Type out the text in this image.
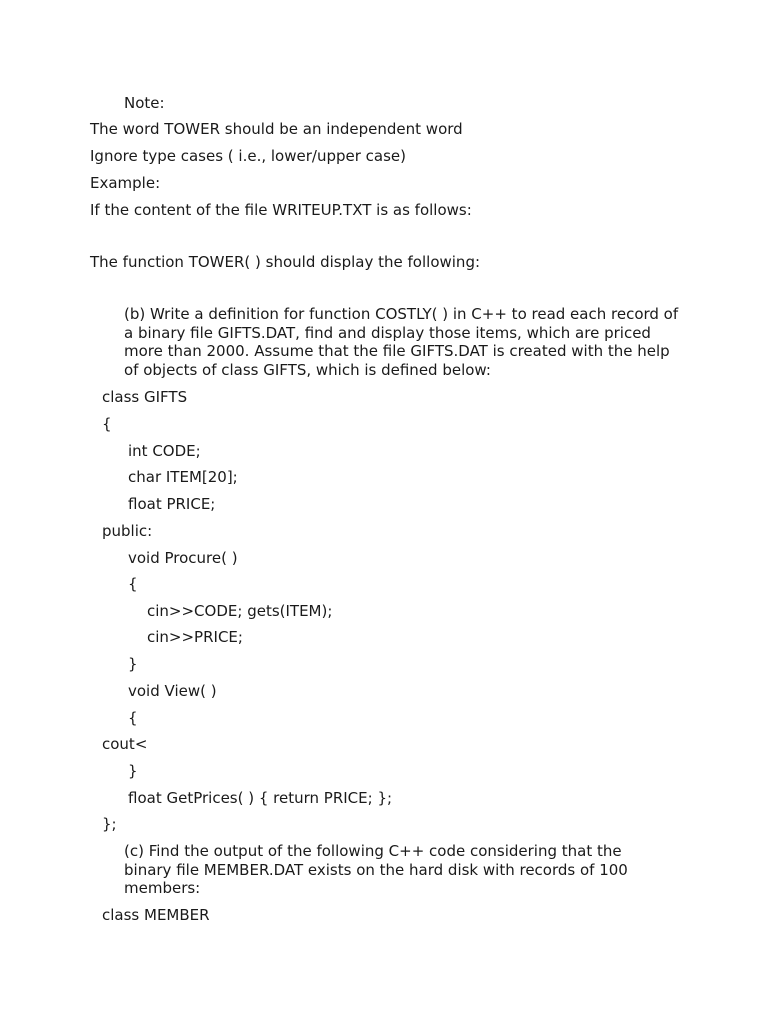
Note:
The word TOWER should be an independent word
Ignore type cases ( i.e., lower/upper case)
Example:
If the content of the file WRITEUP.TXT is as follows:
The function TOWER( ) should display the following:
(b) Write a definition for function COSTLY( ) in C++ to read each record of a binary file GIFTS.DAT, find and display those items, which are priced more than 2000. Assume that the file GIFTS.DAT is created with the help of objects of class GIFTS, which is defined below:
class GIFTS
{
int CODE;
char ITEM[20];
float PRICE;
public:
void Procure( )
{
cin>>CODE; gets(ITEM);
cin>>PRICE;
}
void View( )
{
cout<
}
float GetPrices( ) { return PRICE; };
};
(c) Find the output of the following C++ code considering that the binary file MEMBER.DAT exists on the hard disk with records of 100 members:
class MEMBER
